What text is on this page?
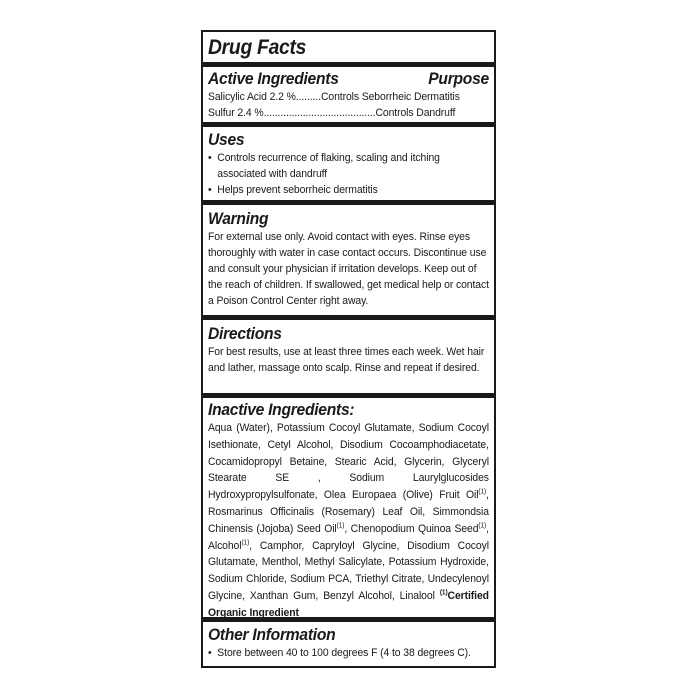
Drug Facts
Active Ingredients	Purpose
Salicylic Acid 2.2 %.........Controls Seborrheic Dermatitis
Sulfur 2.4 %........................................Controls Dandruff
Uses
• Controls recurrence of flaking, scaling and itching associated with dandruff
• Helps prevent seborrheic dermatitis
Warning
For external use only. Avoid contact with eyes. Rinse eyes thoroughly with water in case contact occurs. Discontinue use and consult your physician if irritation develops. Keep out of the reach of children. If swallowed, get medical help or contact a Poison Control Center right away.
Directions
For best results, use at least three times each week. Wet hair and lather, massage onto scalp. Rinse and repeat if desired.
Inactive Ingredients:
Aqua (Water), Potassium Cocoyl Glutamate, Sodium Cocoyl Isethionate, Cetyl Alcohol, Disodium Cocoamphodiacetate, Cocamidopropyl Betaine, Stearic Acid, Glycerin, Glyceryl Stearate SE , Sodium Laurylglucosides Hydroxypropylsulfonate, Olea Europaea (Olive) Fruit Oil$^{(1)}$, Rosmarinus Officinalis (Rosemary) Leaf Oil, Simmondsia Chinensis (Jojoba) Seed Oil$^{(1)}$, Chenopodium Quinoa Seed$^{(1)}$, Alcohol$^{(1)}$, Camphor, Capryloyl Glycine, Disodium Cocoyl Glutamate, Menthol, Methyl Salicylate, Potassium Hydroxide, Sodium Chloride, Sodium PCA, Triethyl Citrate, Undecylenoyl Glycine, Xanthan Gum, Benzyl Alcohol, Linalool $^{(1)}$Certified Organic Ingredient
Other Information
• Store between 40 to 100 degrees F (4 to 38 degrees C).
